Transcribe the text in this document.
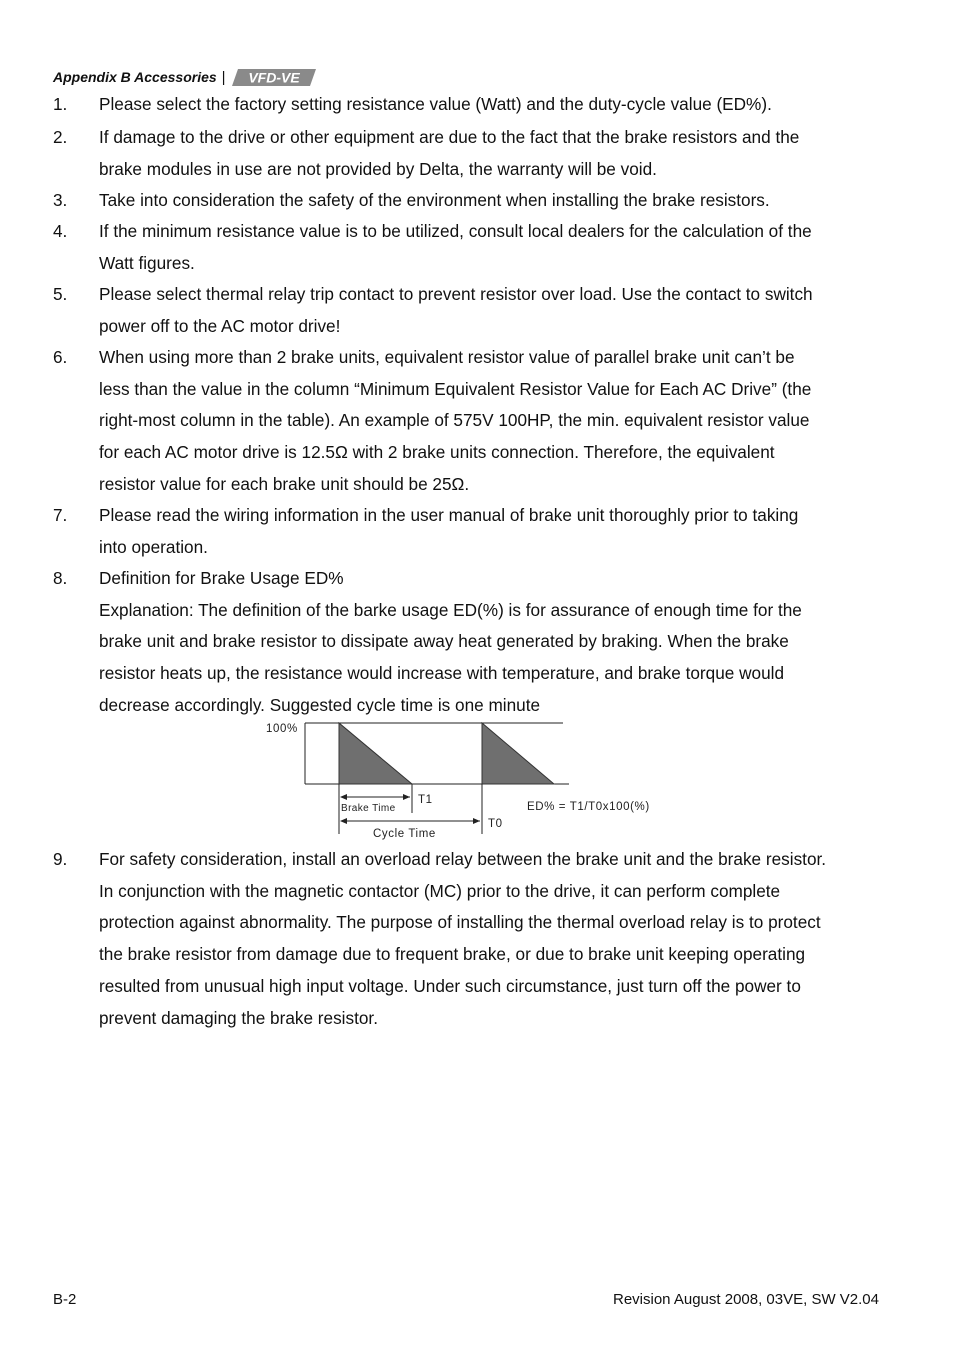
Appendix B Accessories | VFD-VE
1.	Please select the factory setting resistance value (Watt) and the duty-cycle value (ED%).
2.	If damage to the drive or other equipment are due to the fact that the brake resistors and the
brake modules in use are not provided by Delta, the warranty will be void.
3.	Take into consideration the safety of the environment when installing the brake resistors.
4.	If the minimum resistance value is to be utilized, consult local dealers for the calculation of the
Watt figures.
5.	Please select thermal relay trip contact to prevent resistor over load. Use the contact to switch
power off to the AC motor drive!
6.	When using more than 2 brake units, equivalent resistor value of parallel brake unit can’t be
less than the value in the column “Minimum Equivalent Resistor Value for Each AC Drive” (the
right-most column in the table). An example of 575V 100HP, the min. equivalent resistor value
for each AC motor drive is 12.5Ω with 2 brake units connection. Therefore, the equivalent
resistor value for each brake unit should be 25Ω.
7.	Please read the wiring information in the user manual of brake unit thoroughly prior to taking
into operation.
8.	Definition for Brake Usage ED%
Explanation: The definition of the barke usage ED(%) is for assurance of enough time for the
brake unit and brake resistor to dissipate away heat generated by braking. When the brake
resistor heats up, the resistance would increase with temperature, and brake torque would
decrease accordingly. Suggested cycle time is one minute
9.	For safety consideration, install an overload relay between the brake unit and the brake resistor.
In conjunction with the magnetic contactor (MC) prior to the drive, it can perform complete
protection against abnormality. The purpose of installing the thermal overload relay is to protect
the brake resistor from damage due to frequent brake, or due to brake unit keeping operating
resulted from unusual high input voltage. Under such circumstance, just turn off the power to
prevent damaging the brake resistor.
100%
Brake Time
T1
Cycle Time
T0
ED% = T1/T0x100(%)
B-2	Revision August 2008, 03VE, SW V2.04
